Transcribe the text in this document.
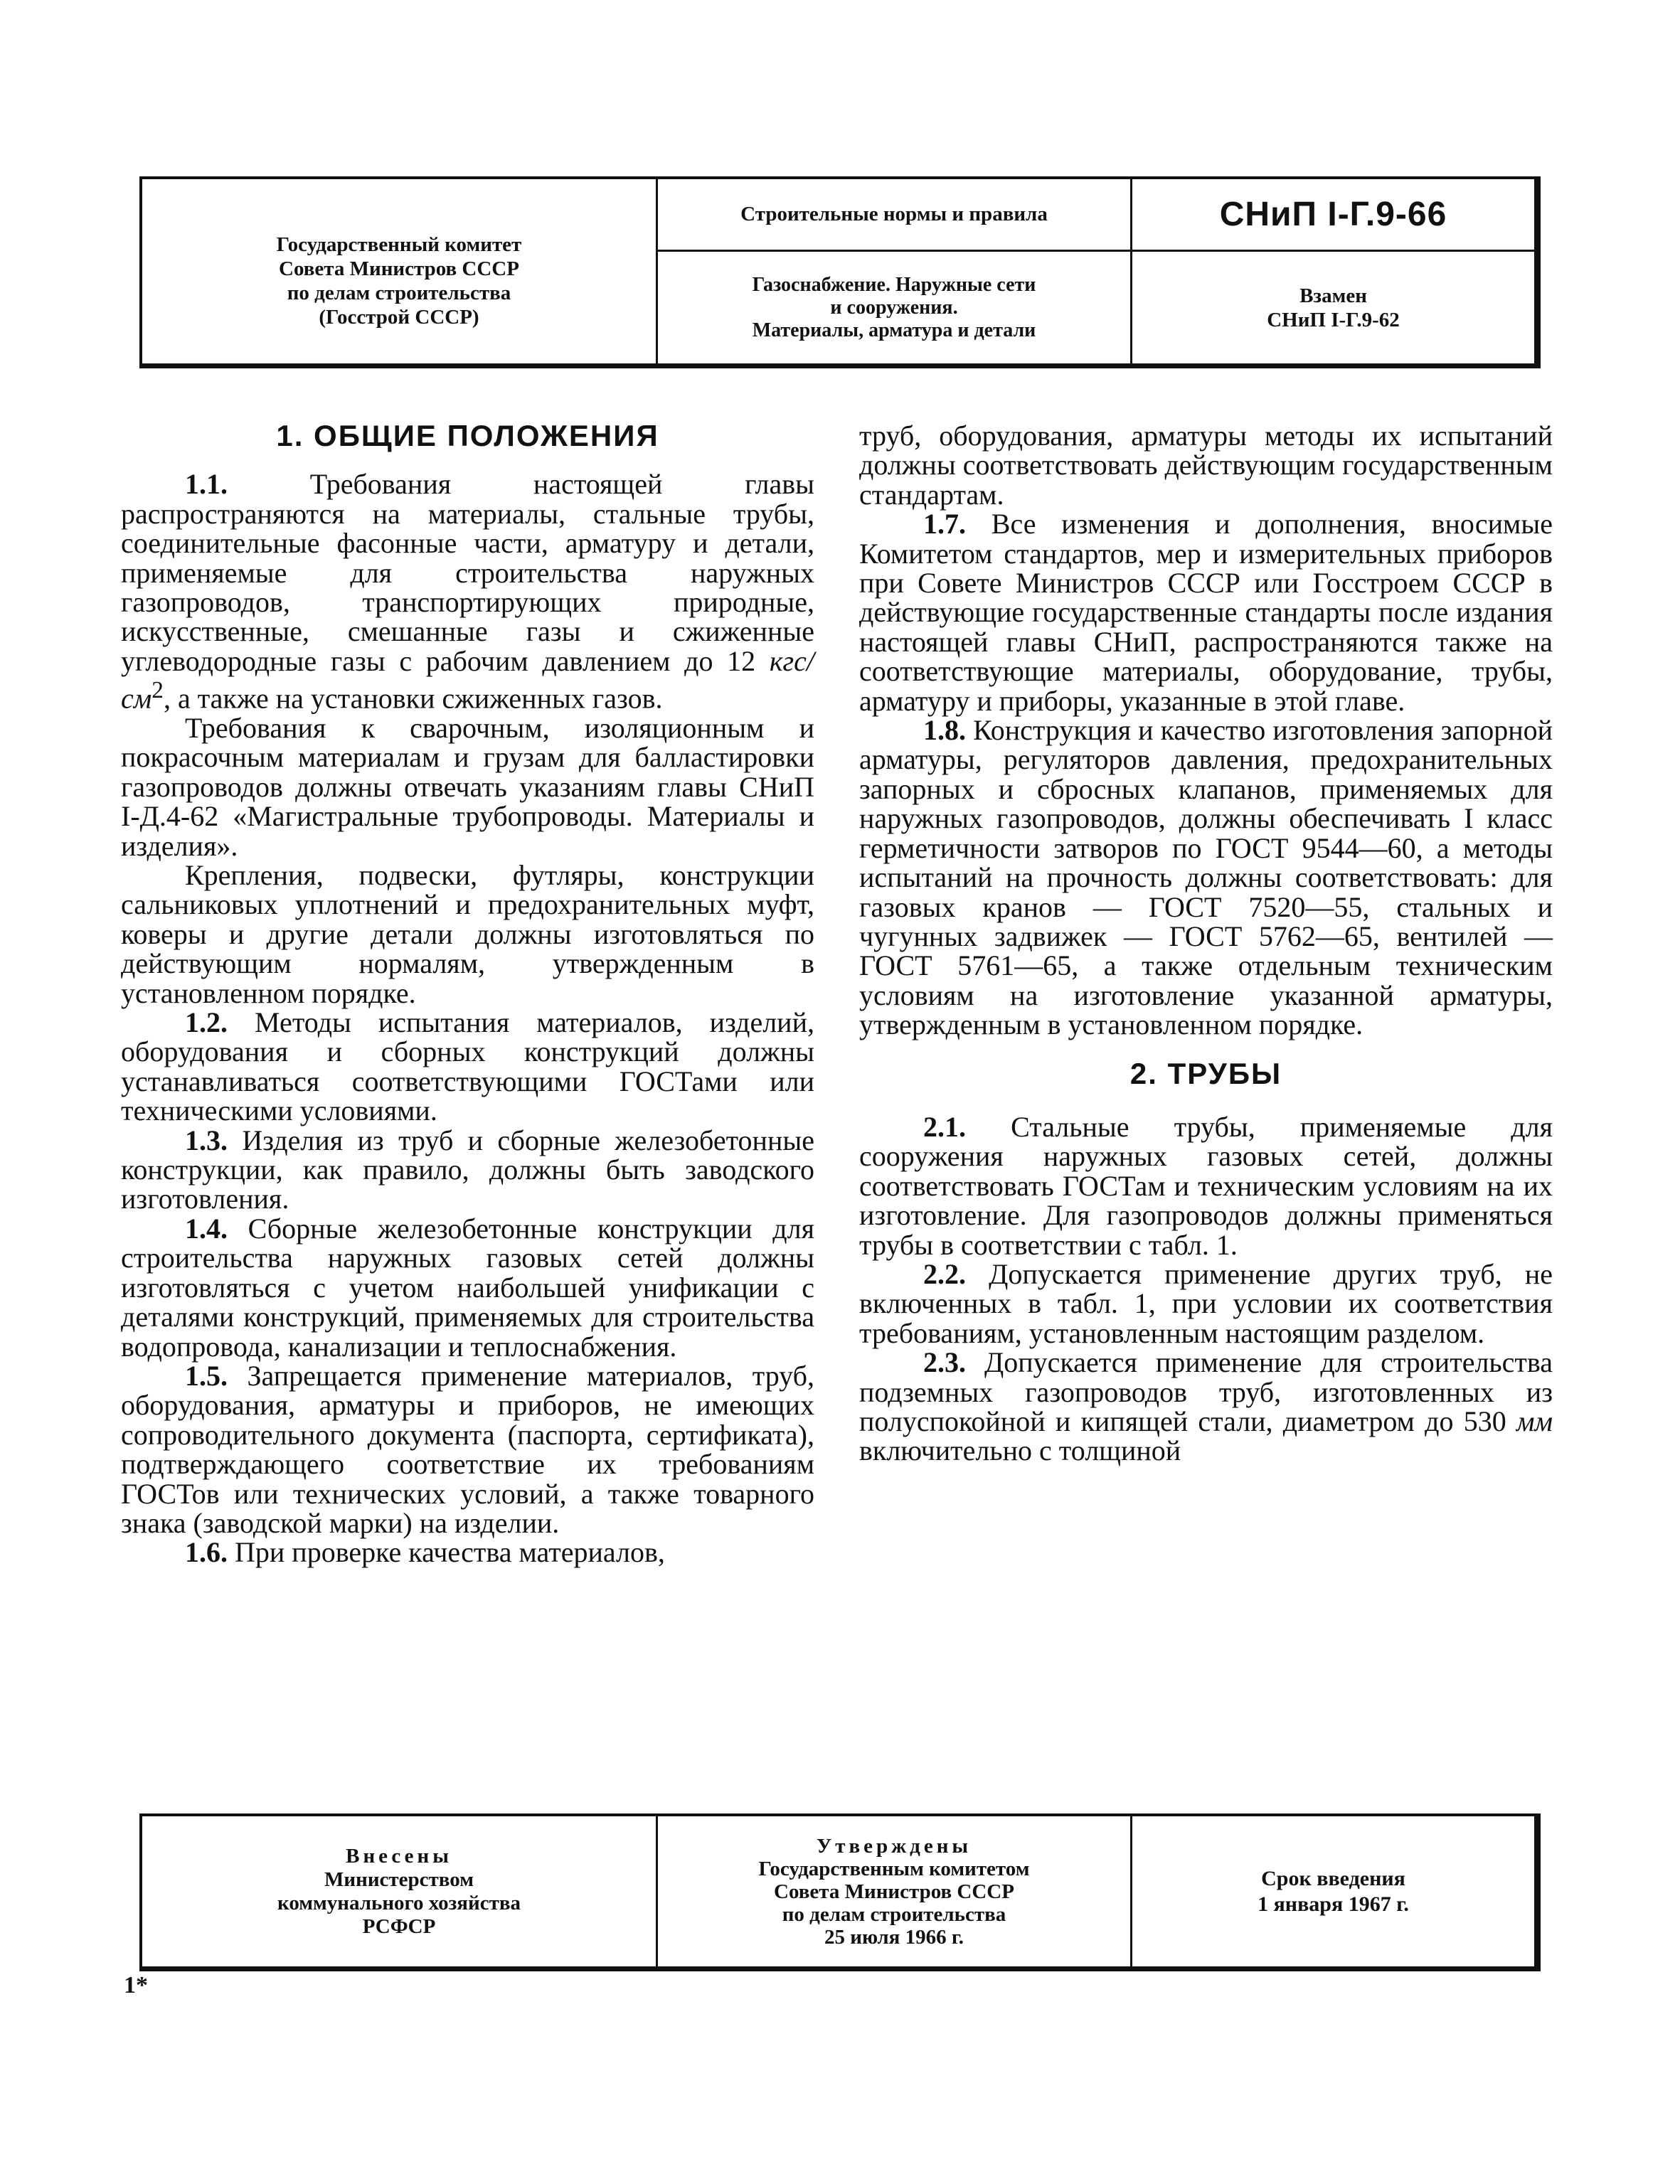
Государственный комитет
Совета Министров СССР
по делам строительства
(Госстрой СССР)
Строительные нормы и правила
Газоснабжение. Наружные сети
и сооружения.
Материалы, арматура и детали
СНиП I-Г.9-66
Взамен
СНиП I-Г.9-62
1. ОБЩИЕ ПОЛОЖЕНИЯ

1.1. Требования настоящей главы распространяются на материалы, стальные трубы, соединительные фасонные части, арматуру и детали, применяемые для строительства наружных газопроводов, транспортирующих природные, искусственные, смешанные газы и сжиженные углеводородные газы с рабочим давлением до 12 кгс/$см^2$, а также на установки сжиженных газов.

Требования к сварочным, изоляционным и покрасочным материалам и грузам для балластировки газопроводов должны отвечать указаниям главы СНиП I-Д.4-62 «Магистральные трубопроводы. Материалы и изделия».

Крепления, подвески, футляры, конструкции сальниковых уплотнений и предохранительных муфт, коверы и другие детали должны изготовляться по действующим нормалям, утвержденным в установленном порядке.

1.2. Методы испытания материалов, изделий, оборудования и сборных конструкций должны устанавливаться соответствующими ГОСТами или техническими условиями.

1.3. Изделия из труб и сборные железобетонные конструкции, как правило, должны быть заводского изготовления.

1.4. Сборные железобетонные конструкции для строительства наружных газовых сетей должны изготовляться с учетом наибольшей унификации с деталями конструкций, применяемых для строительства водопровода, канализации и теплоснабжения.

1.5. Запрещается применение материалов, труб, оборудования, арматуры и приборов, не имеющих сопроводительного документа (паспорта, сертификата), подтверждающего соответствие их требованиям ГОСТов или технических условий, а также товарного знака (заводской марки) на изделии.

1.6. При проверке качества материалов,

труб, оборудования, арматуры методы их испытаний должны соответствовать действующим государственным стандартам.

1.7. Все изменения и дополнения, вносимые Комитетом стандартов, мер и измерительных приборов при Совете Министров СССР или Госстроем СССР в действующие государственные стандарты после издания настоящей главы СНиП, распространяются также на соответствующие материалы, оборудование, трубы, арматуру и приборы, указанные в этой главе.

1.8. Конструкция и качество изготовления запорной арматуры, регуляторов давления, предохранительных запорных и сбросных клапанов, применяемых для наружных газопроводов, должны обеспечивать I класс герметичности затворов по ГОСТ 9544—60, а методы испытаний на прочность должны соответствовать: для газовых кранов — ГОСТ 7520—55, стальных и чугунных задвижек — ГОСТ 5762—65, вентилей — ГОСТ 5761—65, а также отдельным техническим условиям на изготовление указанной арматуры, утвержденным в установленном порядке.

2. ТРУБЫ

2.1. Стальные трубы, применяемые для сооружения наружных газовых сетей, должны соответствовать ГОСТам и техническим условиям на их изготовление. Для газопроводов должны применяться трубы в соответствии с табл. 1.

2.2. Допускается применение других труб, не включенных в табл. 1, при условии их соответствия требованиям, установленным настоящим разделом.

2.3. Допускается применение для строительства подземных газопроводов труб, изготовленных из полуспокойной и кипящей стали, диаметром до 530 мм включительно с толщиной

Внесены
Министерством
коммунального хозяйства
РСФСР
Утверждены
Государственным комитетом
Совета Министров СССР
по делам строительства
25 июля 1966 г.
Срок введения
1 января 1967 г.
1*
